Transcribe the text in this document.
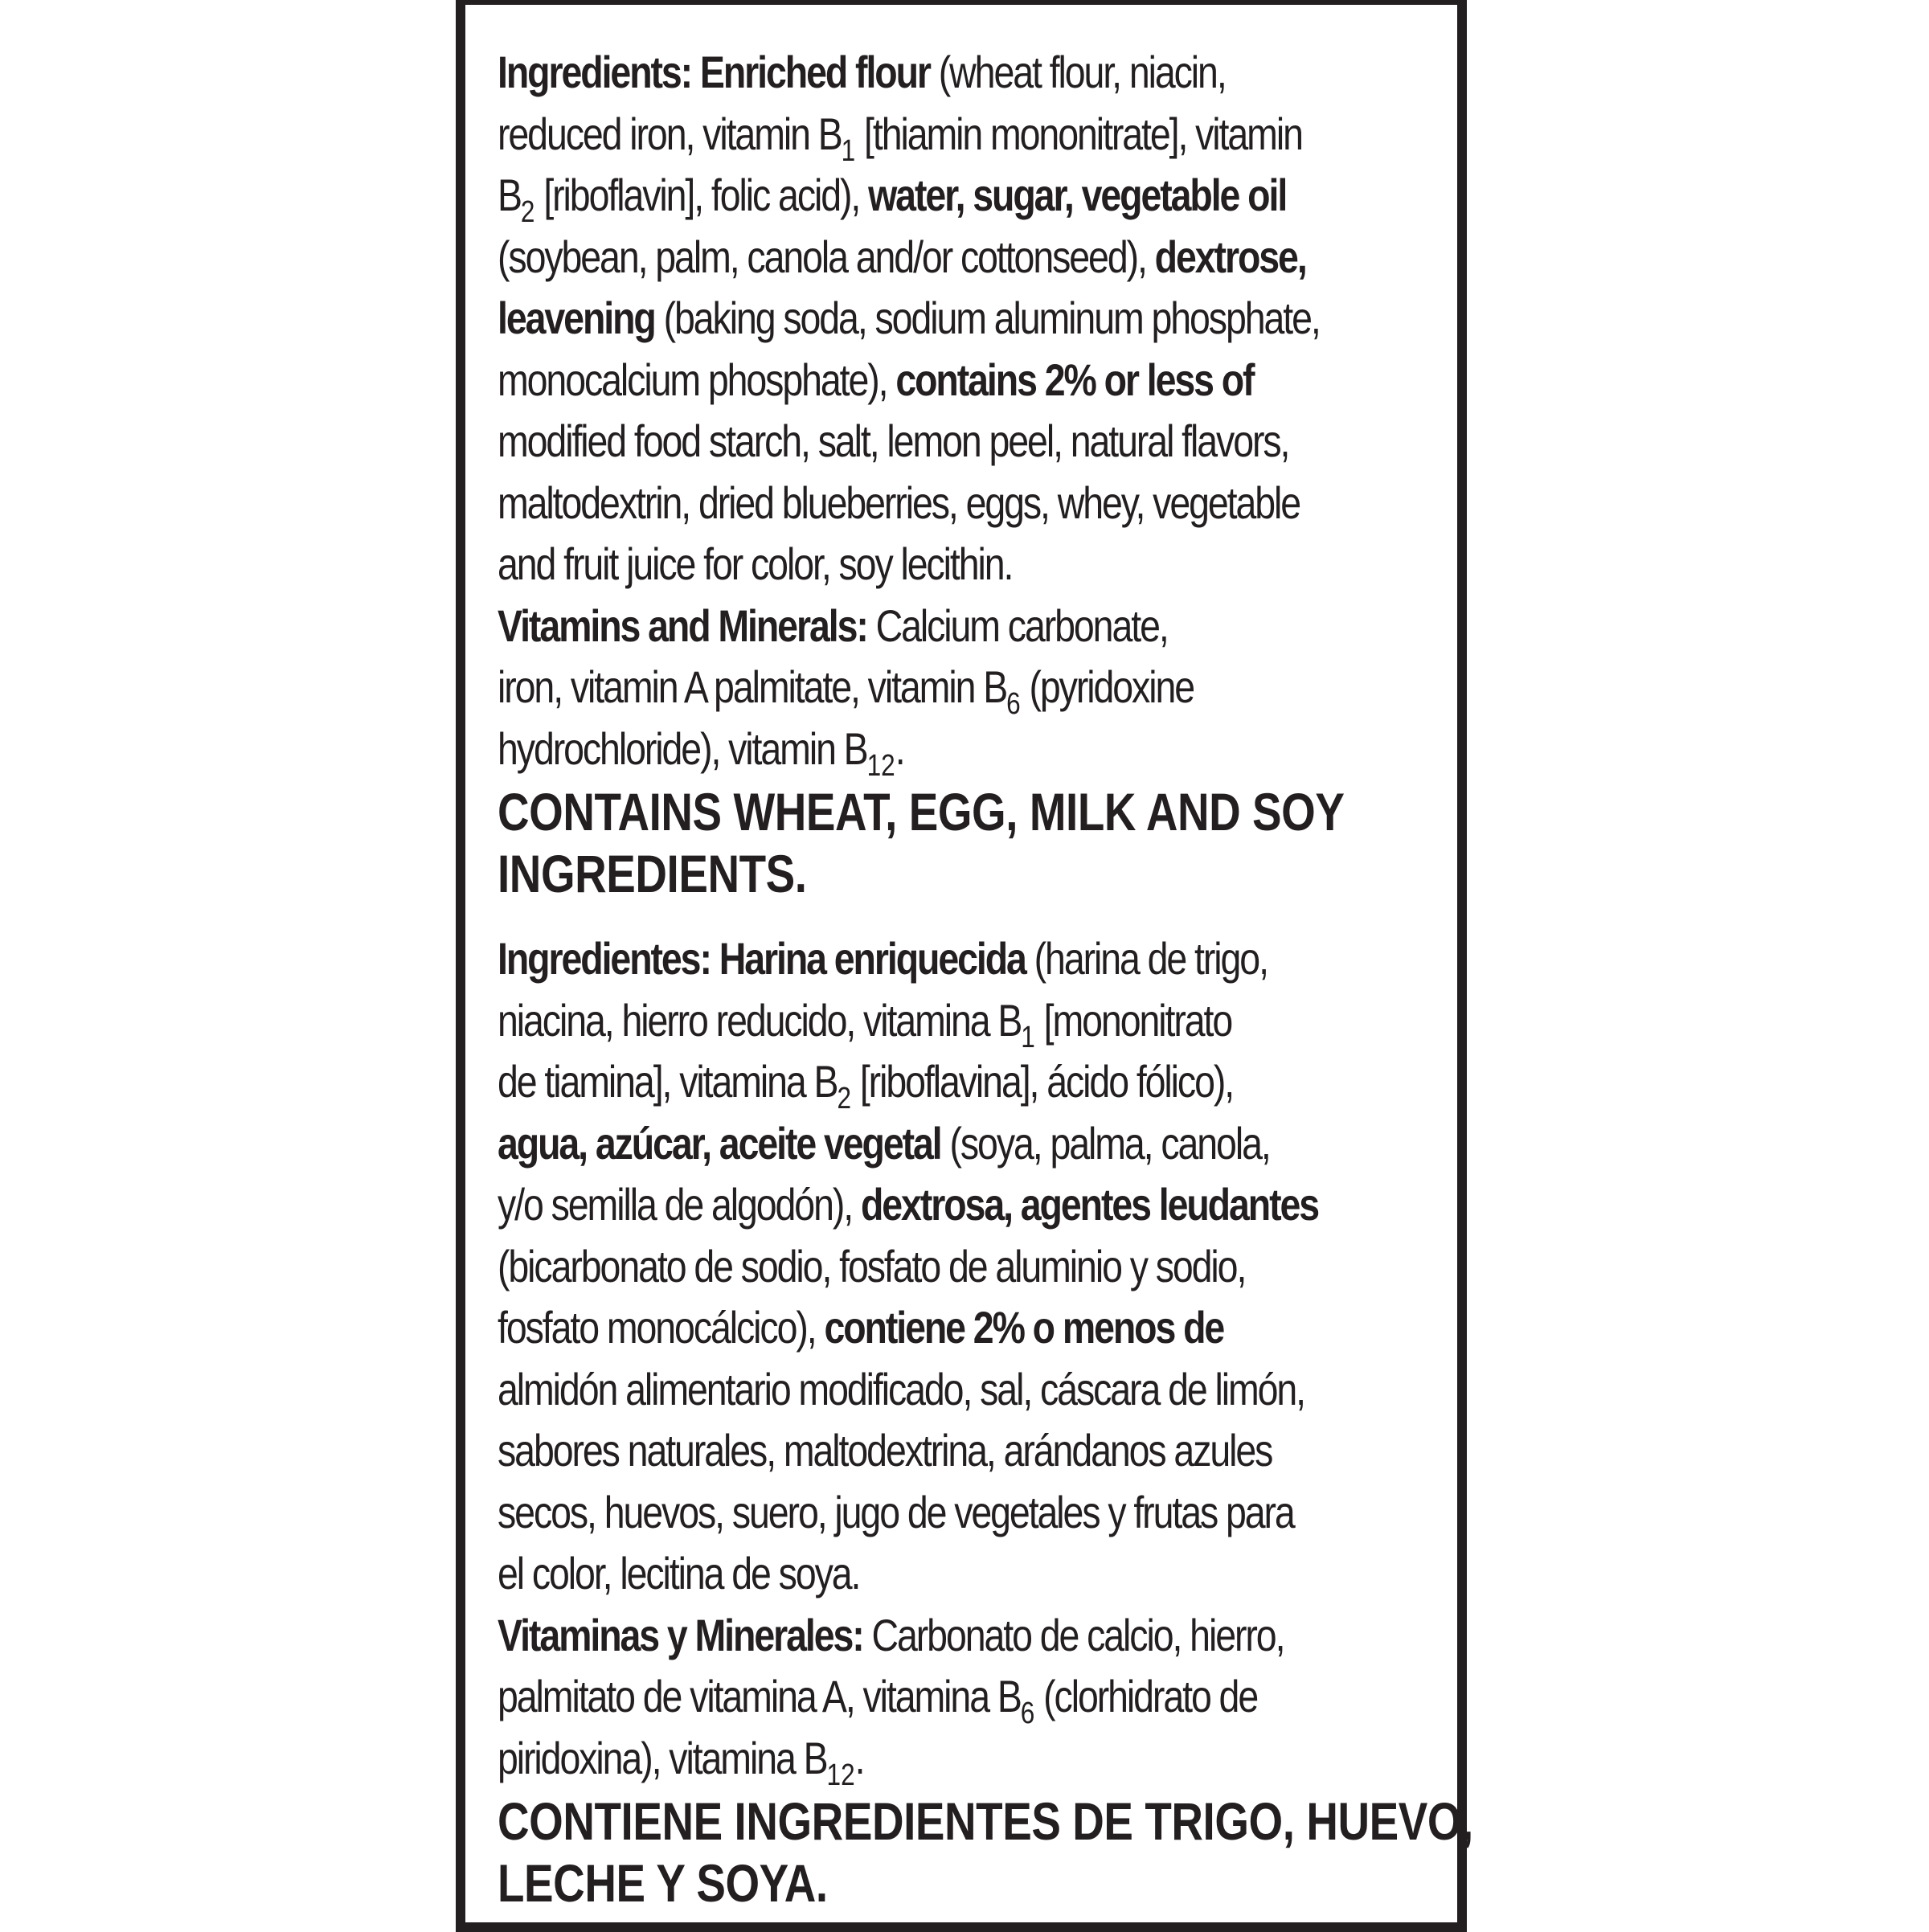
Ingredients: Enriched flour (wheat flour, niacin,
reduced iron, vitamin $B_1$ [thiamin mononitrate], vitamin
$B_2$ [riboflavin], folic acid), water, sugar, vegetable oil
(soybean, palm, canola and/or cottonseed), dextrose,
leavening (baking soda, sodium aluminum phosphate,
monocalcium phosphate), contains 2% or less of
modified food starch, salt, lemon peel, natural flavors,
maltodextrin, dried blueberries, eggs, whey, vegetable
and fruit juice for color, soy lecithin.
Vitamins and Minerals: Calcium carbonate,
iron, vitamin A palmitate, vitamin $B_6$ (pyridoxine
hydrochloride), vitamin $B_{12}$.
CONTAINS WHEAT, EGG, MILK AND SOY
INGREDIENTS.
Ingredientes: Harina enriquecida (harina de trigo,
niacina, hierro reducido, vitamina $B_1$ [mononitrato
de tiamina], vitamina $B_2$ [riboflavina], ácido fólico),
agua, azúcar, aceite vegetal (soya, palma, canola,
y/o semilla de algodón), dextrosa, agentes leudantes
(bicarbonato de sodio, fosfato de aluminio y sodio,
fosfato monocálcico), contiene 2% o menos de
almidón alimentario modificado, sal, cáscara de limón,
sabores naturales, maltodextrina, arándanos azules
secos, huevos, suero, jugo de vegetales y frutas para
el color, lecitina de soya.
Vitaminas y Minerales: Carbonato de calcio, hierro,
palmitato de vitamina A, vitamina $B_6$ (clorhidrato de
piridoxina), vitamina $B_{12}$.
CONTIENE INGREDIENTES DE TRIGO, HUEVO,
LECHE Y SOYA.
